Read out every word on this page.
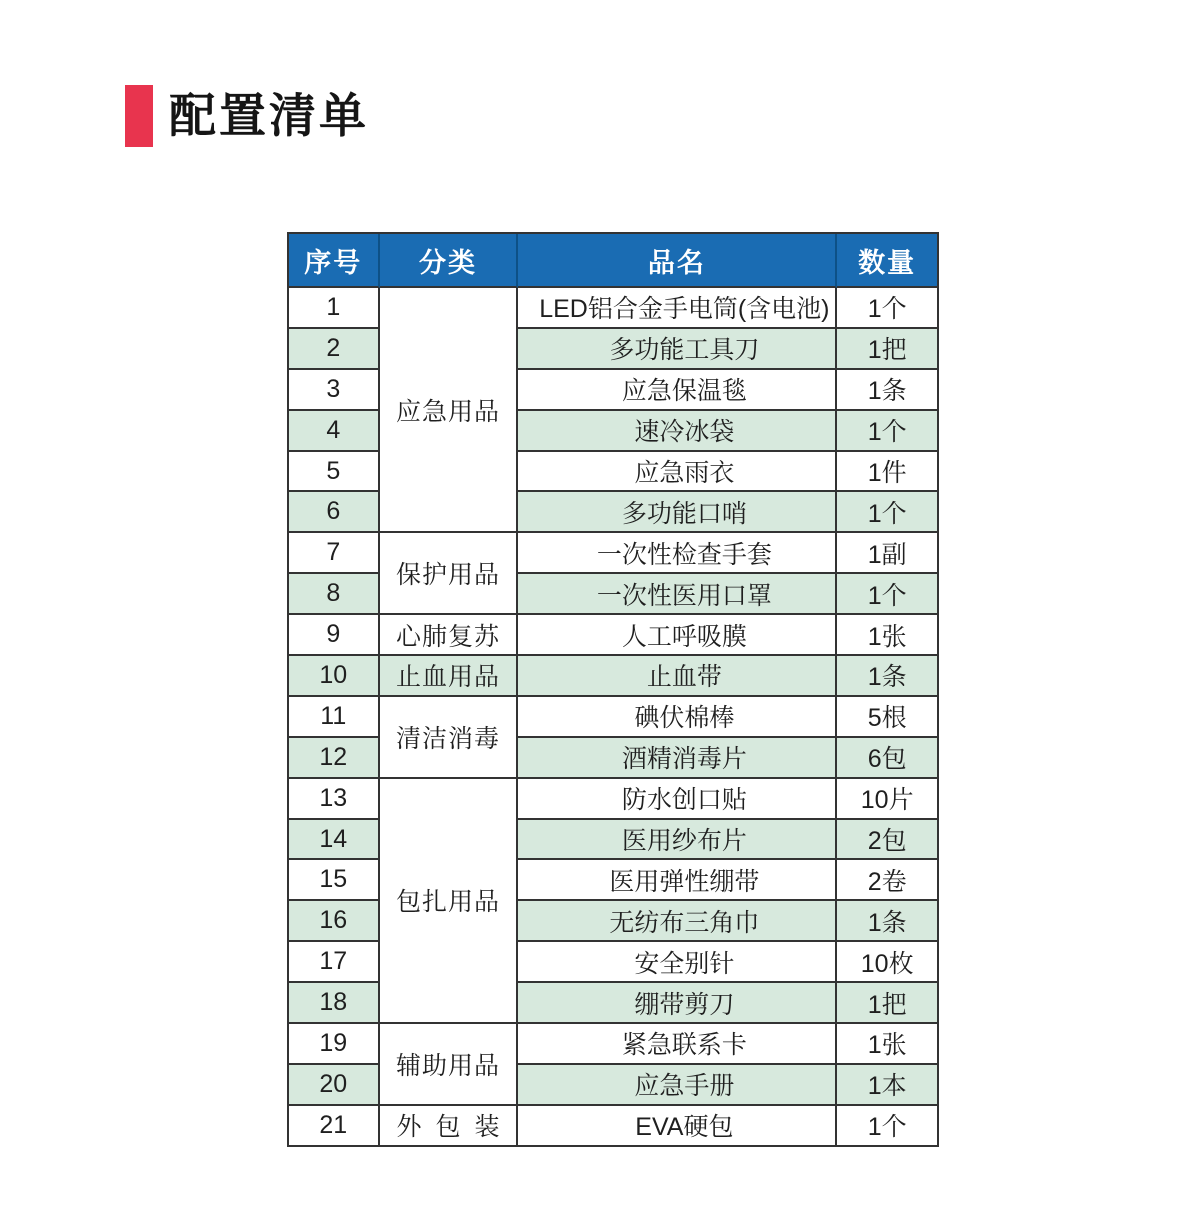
配置清单
序号	分类	品名	数量
1	应急用品	LED铝合金手电筒(含电池)	1个
2		多功能工具刀	1把
3		应急保温毯	1条
4		速冷冰袋	1个
5		应急雨衣	1件
6		多功能口哨	1个
7	保护用品	一次性检查手套	1副
8		一次性医用口罩	1个
9	心肺复苏	人工呼吸膜	1张
10	止血用品	止血带	1条
11	清洁消毒	碘伏棉棒	5根
12		酒精消毒片	6包
13	包扎用品	防水创口贴	10片
14		医用纱布片	2包
15		医用弹性绷带	2卷
16		无纺布三角巾	1条
17		安全别针	10枚
18		绷带剪刀	1把
19	辅助用品	紧急联系卡	1张
20		应急手册	1本
21	外包装	EVA硬包	1个
